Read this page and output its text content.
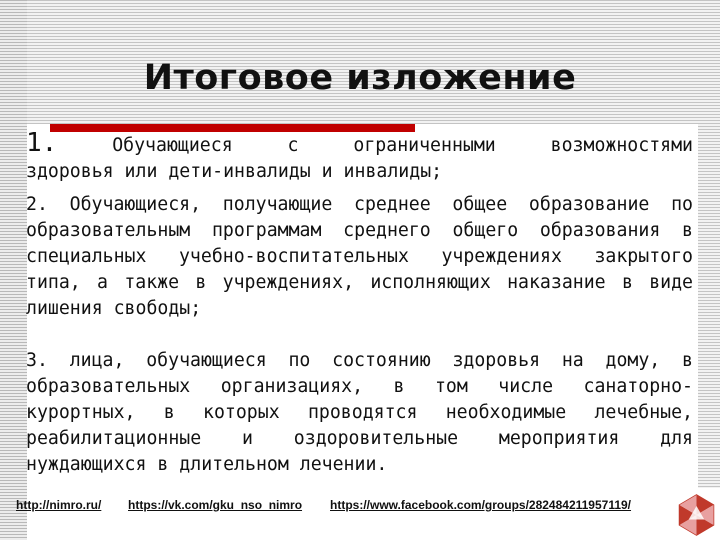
Итоговое изложение
1.	Обучающиеся	с	ограниченными	возможностями

здоровья или дети-инвалиды и инвалиды;

2. Обучающиеся, получающие среднее общее образование по образовательным программам среднего общего образования в специальных учебно-воспитательных учреждениях закрытого типа, а также в учреждениях, исполняющих наказание в виде лишения свободы;

3. лица, обучающиеся по состоянию здоровья на дому, в образовательных организациях, в том числе санаторно-курортных, в которых проводятся необходимые лечебные, реабилитационные и оздоровительные мероприятия для нуждающихся в длительном лечении.

http://nimro.ru/ https://vk.com/gku_nso_nimro https://www.facebook.com/groups/282484211957119/
